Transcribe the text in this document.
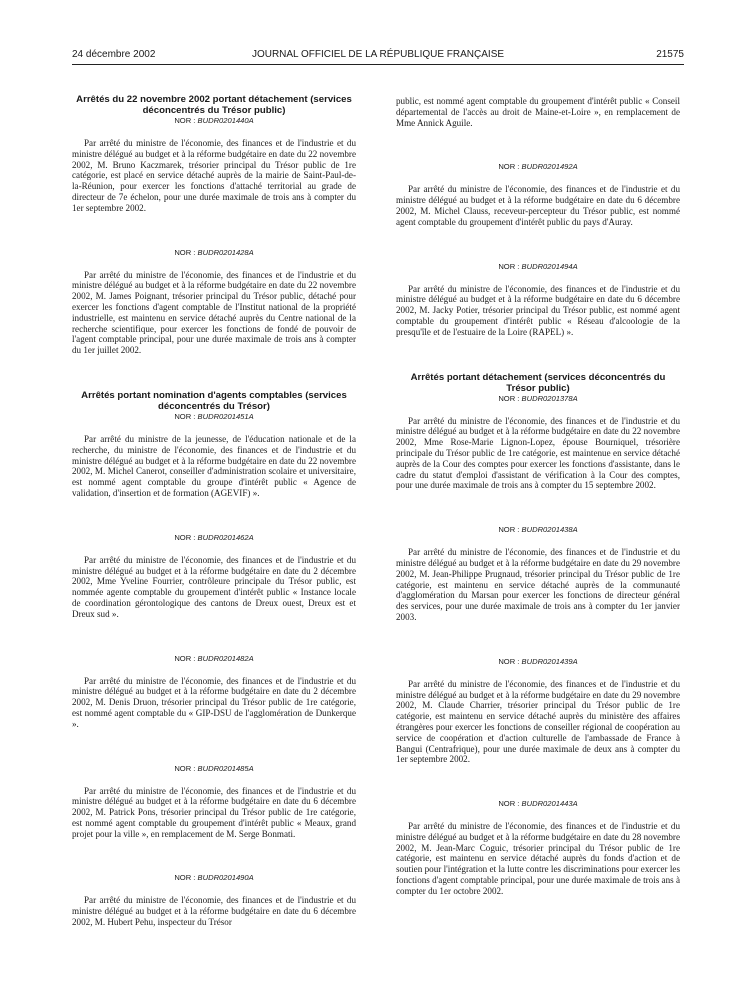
24 décembre 2002	JOURNAL OFFICIEL DE LA RÉPUBLIQUE FRANÇAISE	21575

Arrêtés du 22 novembre 2002 portant détachement (services déconcentrés du Trésor public)

NOR : BUDR0201440A

Par arrêté du ministre de l'économie, des finances et de l'industrie et du ministre délégué au budget et à la réforme budgétaire en date du 22 novembre 2002, M. Bruno Kaczmarek, trésorier principal du Trésor public de 1re catégorie, est placé en service détaché auprès de la mairie de Saint-Paul-de-la-Réunion, pour exercer les fonctions d'attaché territorial au grade de directeur de 7e échelon, pour une durée maximale de trois ans à compter du 1er septembre 2002.

NOR : BUDR0201428A

Par arrêté du ministre de l'économie, des finances et de l'industrie et du ministre délégué au budget et à la réforme budgétaire en date du 22 novembre 2002, M. James Poignant, trésorier principal du Trésor public, détaché pour exercer les fonctions d'agent comptable de l'Institut national de la propriété industrielle, est maintenu en service détaché auprès du Centre national de la recherche scientifique, pour exercer les fonctions de fondé de pouvoir de l'agent comptable principal, pour une durée maximale de trois ans à compter du 1er juillet 2002.

Arrêtés portant nomination d'agents comptables (services déconcentrés du Trésor)

NOR : BUDR0201451A

Par arrêté du ministre de la jeunesse, de l'éducation nationale et de la recherche, du ministre de l'économie, des finances et de l'industrie et du ministre délégué au budget et à la réforme budgétaire en date du 22 novembre 2002, M. Michel Canerot, conseiller d'administration scolaire et universitaire, est nommé agent comptable du groupe d'intérêt public « Agence de validation, d'insertion et de formation (AGEVIF) ».

NOR : BUDR0201462A

Par arrêté du ministre de l'économie, des finances et de l'industrie et du ministre délégué au budget et à la réforme budgétaire en date du 2 décembre 2002, Mme Yveline Fourrier, contrôleure principale du Trésor public, est nommée agente comptable du groupement d'intérêt public « Instance locale de coordination gérontologique des cantons de Dreux ouest, Dreux est et Dreux sud ».

NOR : BUDR0201482A

Par arrêté du ministre de l'économie, des finances et de l'industrie et du ministre délégué au budget et à la réforme budgétaire en date du 2 décembre 2002, M. Denis Druon, trésorier principal du Trésor public de 1re catégorie, est nommé agent comptable du « GIP-DSU de l'agglomération de Dunkerque ».

NOR : BUDR0201485A

Par arrêté du ministre de l'économie, des finances et de l'industrie et du ministre délégué au budget et à la réforme budgétaire en date du 6 décembre 2002, M. Patrick Pons, trésorier principal du Trésor public de 1re catégorie, est nommé agent comptable du groupement d'intérêt public « Meaux, grand projet pour la ville », en remplacement de M. Serge Bonmati.

NOR : BUDR0201490A

Par arrêté du ministre de l'économie, des finances et de l'industrie et du ministre délégué au budget et à la réforme budgétaire en date du 6 décembre 2002, M. Hubert Pehu, inspecteur du Trésor

public, est nommé agent comptable du groupement d'intérêt public « Conseil départemental de l'accès au droit de Maine-et-Loire », en remplacement de Mme Annick Aguile.

NOR : BUDR0201492A

Par arrêté du ministre de l'économie, des finances et de l'industrie et du ministre délégué au budget et à la réforme budgétaire en date du 6 décembre 2002, M. Michel Clauss, receveur-percepteur du Trésor public, est nommé agent comptable du groupement d'intérêt public du pays d'Auray.

NOR : BUDR0201494A

Par arrêté du ministre de l'économie, des finances et de l'industrie et du ministre délégué au budget et à la réforme budgétaire en date du 6 décembre 2002, M. Jacky Potier, trésorier principal du Trésor public, est nommé agent comptable du groupement d'intérêt public « Réseau d'alcoologie de la presqu'île et de l'estuaire de la Loire (RAPEL) ».

Arrêtés portant détachement (services déconcentrés du Trésor public)

NOR : BUDR0201378A

Par arrêté du ministre de l'économie, des finances et de l'industrie et du ministre délégué au budget et à la réforme budgétaire en date du 22 novembre 2002, Mme Rose-Marie Lignon-Lopez, épouse Bourniquel, trésorière principale du Trésor public de 1re catégorie, est maintenue en service détaché auprès de la Cour des comptes pour exercer les fonctions d'assistante, dans le cadre du statut d'emploi d'assistant de vérification à la Cour des comptes, pour une durée maximale de trois ans à compter du 15 septembre 2002.

NOR : BUDR0201438A

Par arrêté du ministre de l'économie, des finances et de l'industrie et du ministre délégué au budget et à la réforme budgétaire en date du 29 novembre 2002, M. Jean-Philippe Prugnaud, trésorier principal du Trésor public de 1re catégorie, est maintenu en service détaché auprès de la communauté d'agglomération du Marsan pour exercer les fonctions de directeur général des services, pour une durée maximale de trois ans à compter du 1er janvier 2003.

NOR : BUDR0201439A

Par arrêté du ministre de l'économie, des finances et de l'industrie et du ministre délégué au budget et à la réforme budgétaire en date du 29 novembre 2002, M. Claude Charrier, trésorier principal du Trésor public de 1re catégorie, est maintenu en service détaché auprès du ministère des affaires étrangères pour exercer les fonctions de conseiller régional de coopération au service de coopération et d'action culturelle de l'ambassade de France à Bangui (Centrafrique), pour une durée maximale de deux ans à compter du 1er septembre 2002.

NOR : BUDR0201443A

Par arrêté du ministre de l'économie, des finances et de l'industrie et du ministre délégué au budget et à la réforme budgétaire en date du 28 novembre 2002, M. Jean-Marc Coguic, trésorier principal du Trésor public de 1re catégorie, est maintenu en service détaché auprès du fonds d'action et de soutien pour l'intégration et la lutte contre les discriminations pour exercer les fonctions d'agent comptable principal, pour une durée maximale de trois ans à compter du 1er octobre 2002.
